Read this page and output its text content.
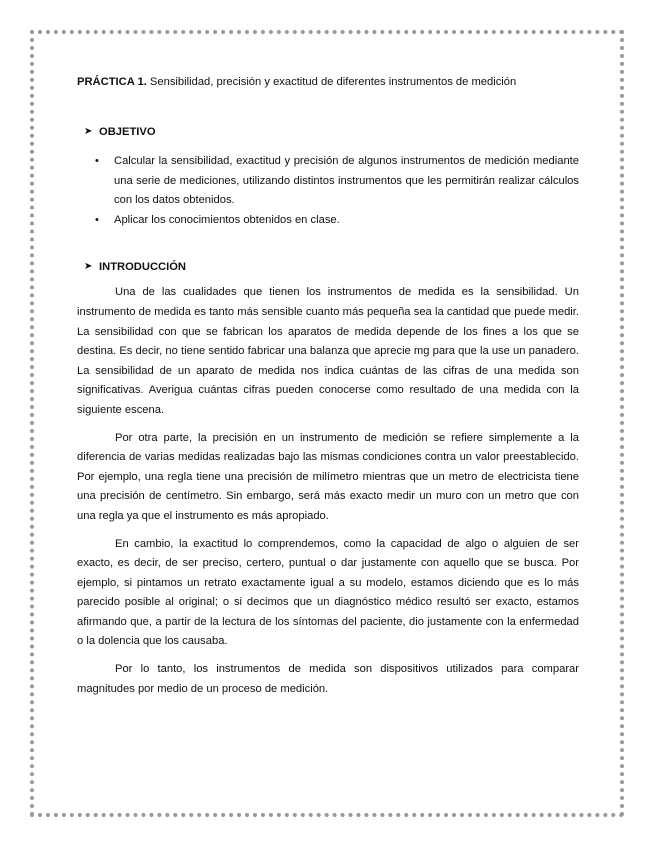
PRÁCTICA 1. Sensibilidad, precisión y exactitud de diferentes instrumentos de medición

➤ OBJETIVO
• Calcular la sensibilidad, exactitud y precisión de algunos instrumentos de medición mediante una serie de mediciones, utilizando distintos instrumentos que les permitirán realizar cálculos con los datos obtenidos.
• Aplicar los conocimientos obtenidos en clase.
➤ INTRODUCCIÓN

Una de las cualidades que tienen los instrumentos de medida es la sensibilidad. Un instrumento de medida es tanto más sensible cuanto más pequeña sea la cantidad que puede medir. La sensibilidad con que se fabrican los aparatos de medida depende de los fines a los que se destina. Es decir, no tiene sentido fabricar una balanza que aprecie mg para que la use un panadero. La sensibilidad de un aparato de medida nos indica cuántas de las cifras de una medida son significativas. Averigua cuántas cifras pueden conocerse como resultado de una medida con la siguiente escena.

Por otra parte, la precisión en un instrumento de medición se refiere simplemente a la diferencia de varias medidas realizadas bajo las mismas condiciones contra un valor preestablecido. Por ejemplo, una regla tiene una precisión de milímetro mientras que un metro de electricista tiene una precisión de centímetro. Sin embargo, será más exacto medir un muro con un metro que con una regla ya que el instrumento es más apropiado.

En cambio, la exactitud lo comprendemos, como la capacidad de algo o alguien de ser exacto, es decir, de ser preciso, certero, puntual o dar justamente con aquello que se busca. Por ejemplo, si pintamos un retrato exactamente igual a su modelo, estamos diciendo que es lo más parecido posible al original; o si decimos que un diagnóstico médico resultó ser exacto, estamos afirmando que, a partir de la lectura de los síntomas del paciente, dio justamente con la enfermedad o la dolencia que los causaba.

Por lo tanto, los instrumentos de medida son dispositivos utilizados para comparar magnitudes por medio de un proceso de medición.
